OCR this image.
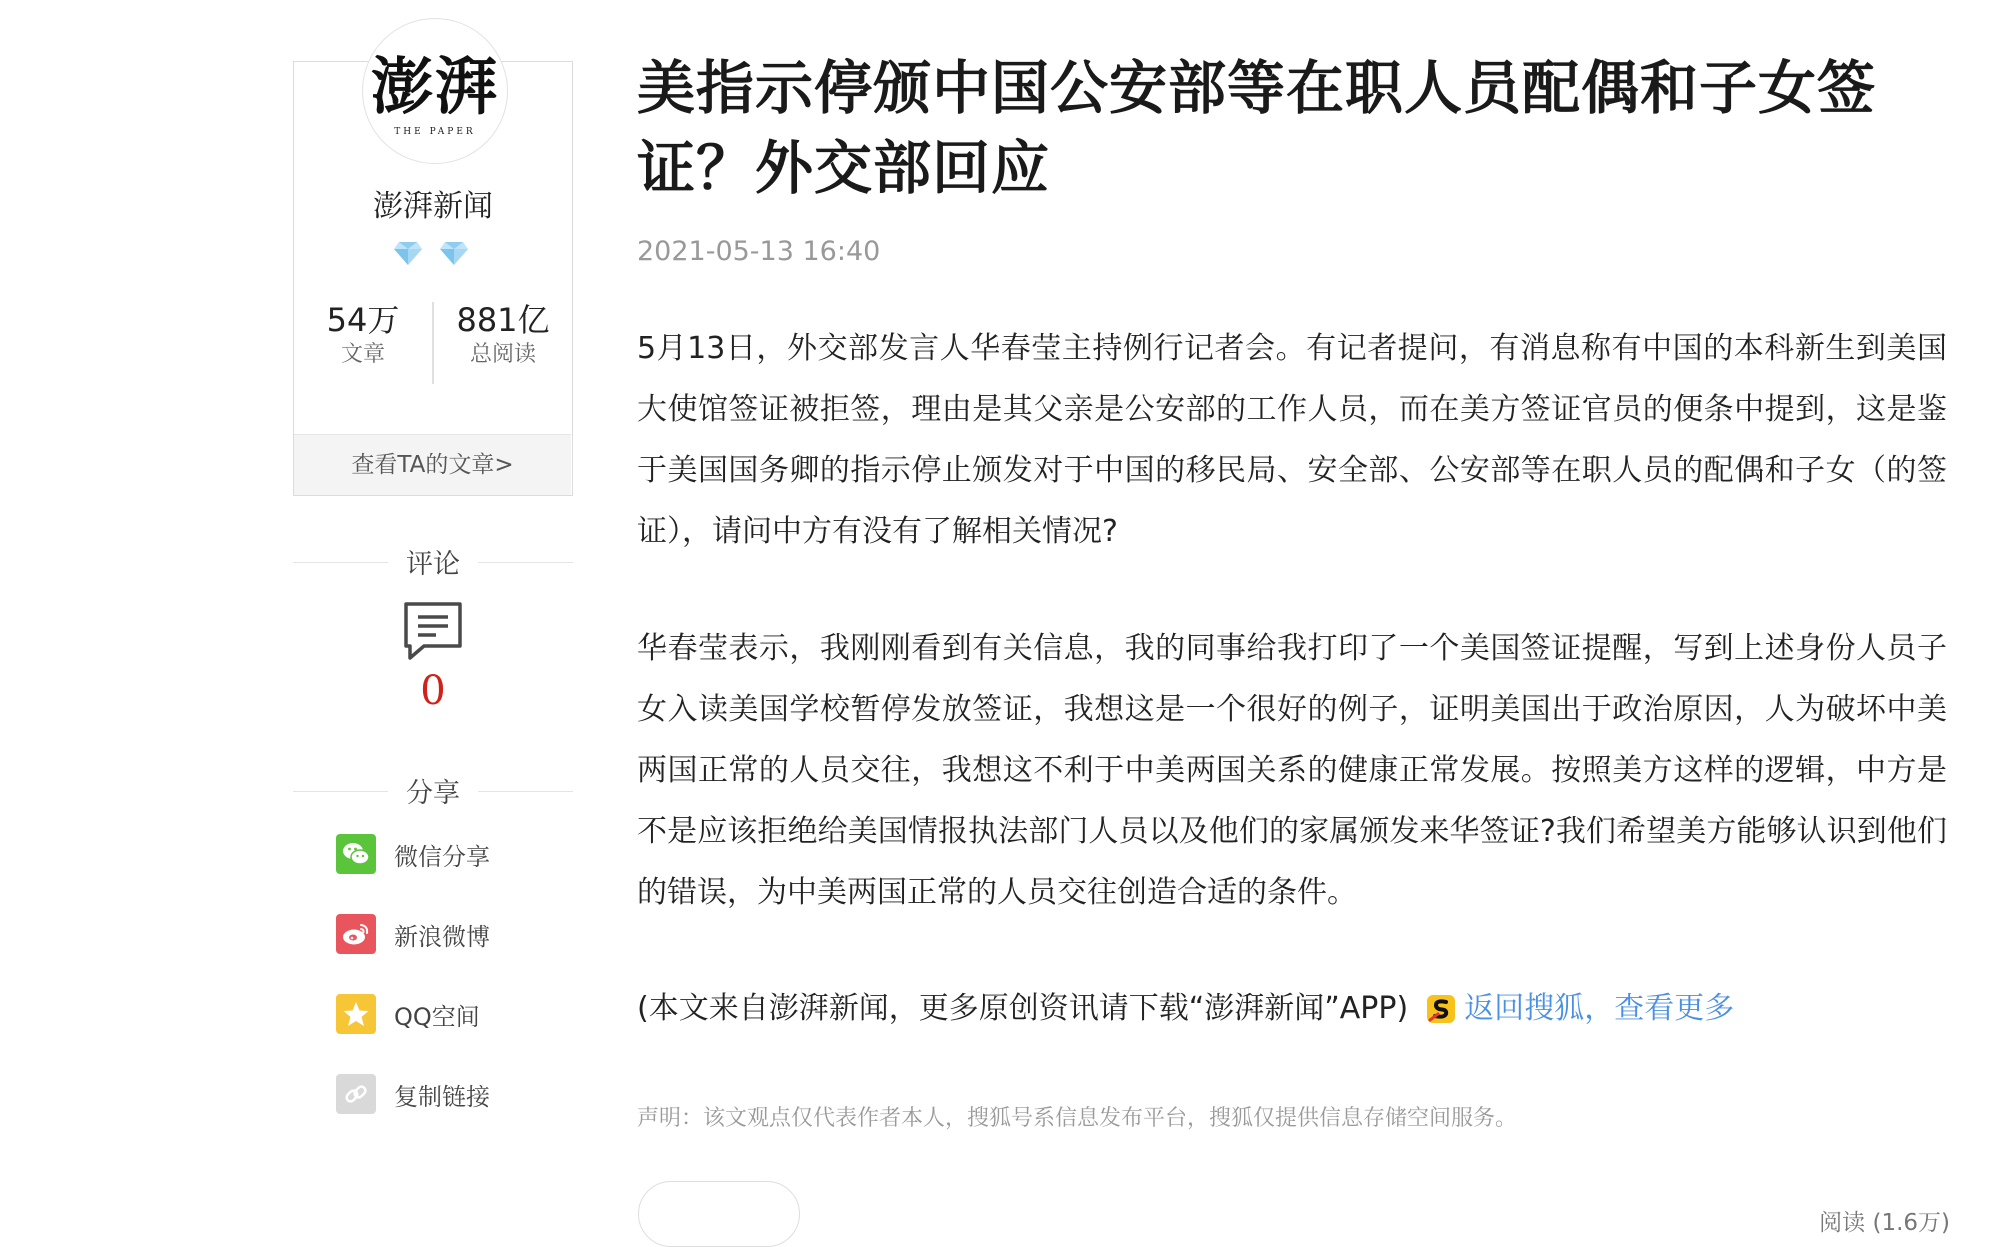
澎湃
THE PAPER
澎湃新闻
54万
文章
881亿
总阅读
查看TA的文章>
评论
0
分享
微信分享
新浪微博
QQ空间
复制链接
美指示停颁中国公安部等在职人员配偶和子女签证？外交部回应
2021-05-13 16:40

5月13日，外交部发言人华春莹主持例行记者会。有记者提问，有消息称有中国的本科新生到美国大使馆签证被拒签，理由是其父亲是公安部的工作人员，而在美方签证官员的便条中提到，这是鉴于美国国务卿的指示停止颁发对于中国的移民局、安全部、公安部等在职人员的配偶和子女（的签证），请问中方有没有了解相关情况?

华春莹表示，我刚刚看到有关信息，我的同事给我打印了一个美国签证提醒，写到上述身份人员子女入读美国学校暂停发放签证，我想这是一个很好的例子，证明美国出于政治原因，人为破坏中美两国正常的人员交往，我想这不利于中美两国关系的健康正常发展。按照美方这样的逻辑，中方是不是应该拒绝给美国情报执法部门人员以及他们的家属颁发来华签证?我们希望美方能够认识到他们的错误，为中美两国正常的人员交往创造合适的条件。

(本文来自澎湃新闻，更多原创资讯请下载“澎湃新闻”APP) 返回搜狐，查看更多
声明：该文观点仅代表作者本人，搜狐号系信息发布平台，搜狐仅提供信息存储空间服务。
阅读 (1.6万)
